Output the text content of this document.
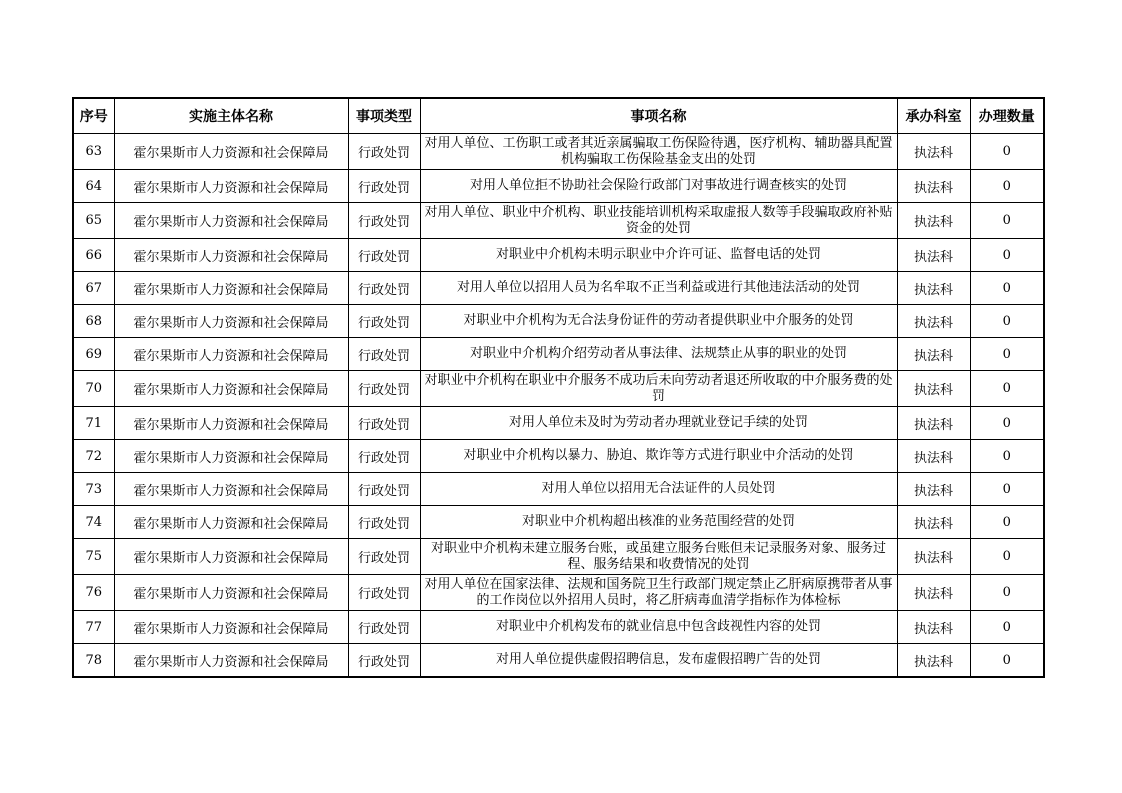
序号	实施主体名称	事项类型	事项名称	承办科室	办理数量
63	霍尔果斯市人力资源和社会保障局	行政处罚	对用人单位、工伤职工或者其近亲属骗取工伤保险待遇，医疗机构、辅助器具配置机构骗取工伤保险基金支出的处罚	执法科	0
64	霍尔果斯市人力资源和社会保障局	行政处罚	对用人单位拒不协助社会保险行政部门对事故进行调查核实的处罚	执法科	0
65	霍尔果斯市人力资源和社会保障局	行政处罚	对用人单位、职业中介机构、职业技能培训机构采取虚报人数等手段骗取政府补贴资金的处罚	执法科	0
66	霍尔果斯市人力资源和社会保障局	行政处罚	对职业中介机构未明示职业中介许可证、监督电话的处罚	执法科	0
67	霍尔果斯市人力资源和社会保障局	行政处罚	对用人单位以招用人员为名牟取不正当利益或进行其他违法活动的处罚	执法科	0
68	霍尔果斯市人力资源和社会保障局	行政处罚	对职业中介机构为无合法身份证件的劳动者提供职业中介服务的处罚	执法科	0
69	霍尔果斯市人力资源和社会保障局	行政处罚	对职业中介机构介绍劳动者从事法律、法规禁止从事的职业的处罚	执法科	0
70	霍尔果斯市人力资源和社会保障局	行政处罚	对职业中介机构在职业中介服务不成功后未向劳动者退还所收取的中介服务费的处罚	执法科	0
71	霍尔果斯市人力资源和社会保障局	行政处罚	对用人单位未及时为劳动者办理就业登记手续的处罚	执法科	0
72	霍尔果斯市人力资源和社会保障局	行政处罚	对职业中介机构以暴力、胁迫、欺诈等方式进行职业中介活动的处罚	执法科	0
73	霍尔果斯市人力资源和社会保障局	行政处罚	对用人单位以招用无合法证件的人员处罚	执法科	0
74	霍尔果斯市人力资源和社会保障局	行政处罚	对职业中介机构超出核准的业务范围经营的处罚	执法科	0
75	霍尔果斯市人力资源和社会保障局	行政处罚	对职业中介机构未建立服务台账，或虽建立服务台账但未记录服务对象、服务过程、服务结果和收费情况的处罚	执法科	0
76	霍尔果斯市人力资源和社会保障局	行政处罚	对用人单位在国家法律、法规和国务院卫生行政部门规定禁止乙肝病原携带者从事的工作岗位以外招用人员时，将乙肝病毒血清学指标作为体检标	执法科	0
77	霍尔果斯市人力资源和社会保障局	行政处罚	对职业中介机构发布的就业信息中包含歧视性内容的处罚	执法科	0
78	霍尔果斯市人力资源和社会保障局	行政处罚	对用人单位提供虚假招聘信息，发布虚假招聘广告的处罚	执法科	0
